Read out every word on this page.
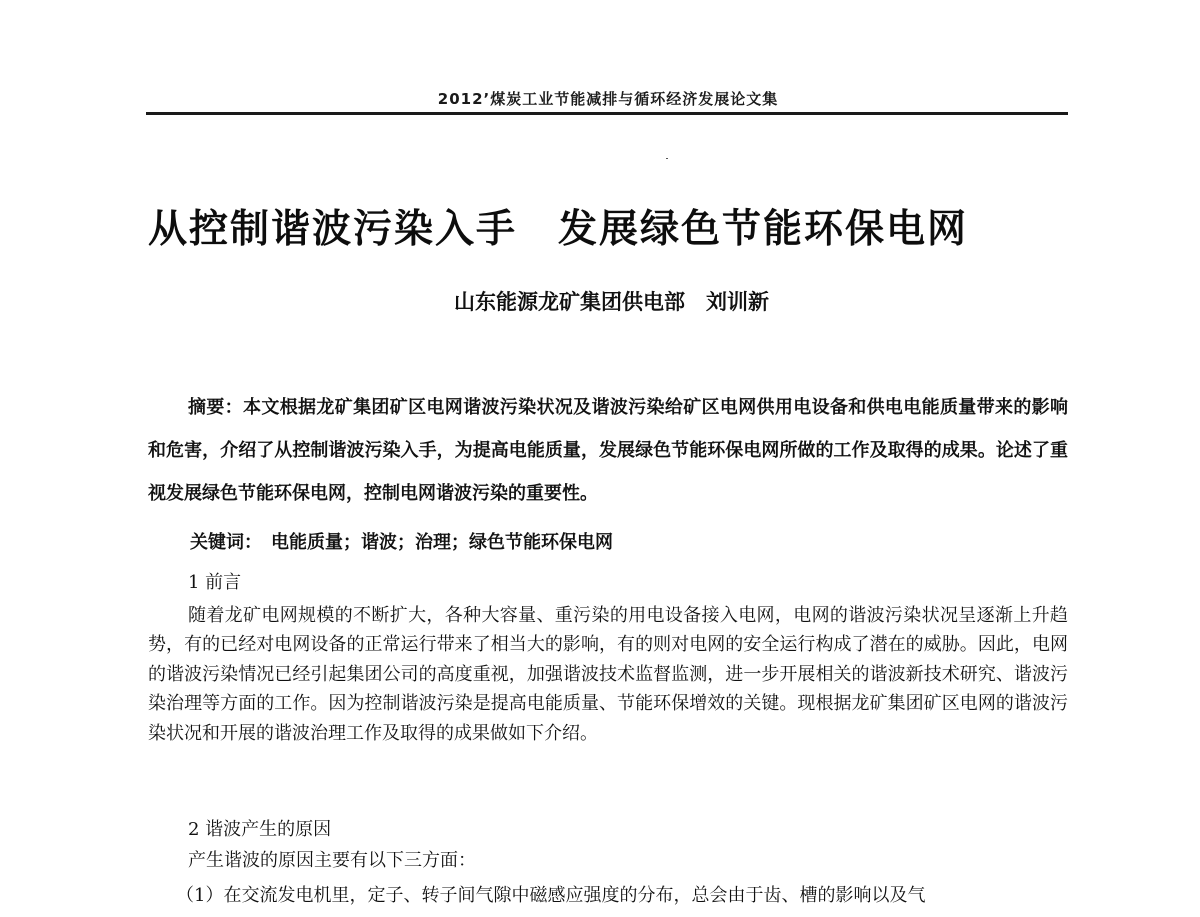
2012’煤炭工业节能减排与循环经济发展论文集
从控制谐波污染入手　发展绿色节能环保电网
山东能源龙矿集团供电部　刘训新
摘要：本文根据龙矿集团矿区电网谐波污染状况及谐波污染给矿区电网供用电设备和供电电能质量带来的影响和危害，介绍了从控制谐波污染入手，为提高电能质量，发展绿色节能环保电网所做的工作及取得的成果。论述了重视发展绿色节能环保电网，控制电网谐波污染的重要性。
关键词：　电能质量；谐波；治理；绿色节能环保电网
1 前言
随着龙矿电网规模的不断扩大，各种大容量、重污染的用电设备接入电网，电网的谐波污染状况呈逐渐上升趋势，有的已经对电网设备的正常运行带来了相当大的影响，有的则对电网的安全运行构成了潜在的威胁。因此，电网的谐波污染情况已经引起集团公司的高度重视，加强谐波技术监督监测，进一步开展相关的谐波新技术研究、谐波污染治理等方面的工作。因为控制谐波污染是提高电能质量、节能环保增效的关键。现根据龙矿集团矿区电网的谐波污染状况和开展的谐波治理工作及取得的成果做如下介绍。
2 谐波产生的原因
产生谐波的原因主要有以下三方面：
（1）在交流发电机里，定子、转子间气隙中磁感应强度的分布，总会由于齿、槽的影响以及气
